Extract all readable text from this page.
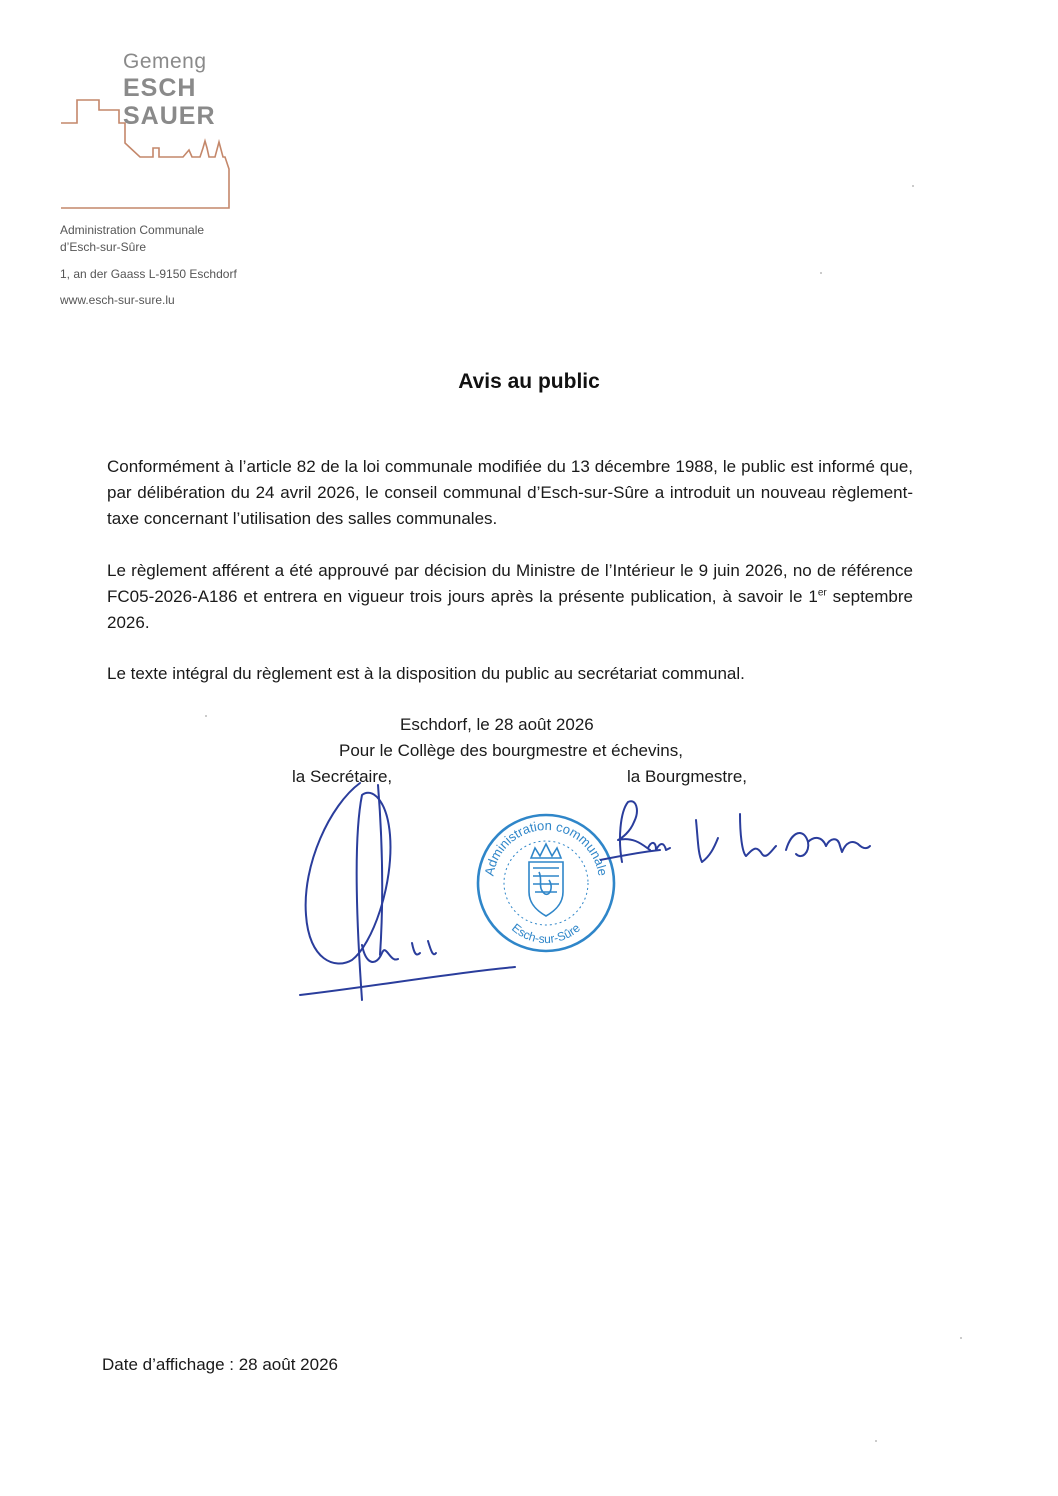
Gemeng
ESCH
SAUER
Administration Communale
d’Esch-sur-Sûre
1, an der Gaass L-9150 Eschdorf
www.esch-sur-sure.lu
Avis au public
Conformément à l’article 82 de la loi communale modifiée du 13 décembre 1988, le public est informé que, par délibération du 24 avril 2026, le conseil communal d’Esch-sur-Sûre a introduit un nouveau règlement-taxe concernant l’utilisation des salles communales.
Le règlement afférent a été approuvé par décision du Ministre de l’Intérieur le 9 juin 2026, no de référence FC05-2026-A186 et entrera en vigueur trois jours après la présente publication, à savoir le 1er septembre 2026.
Le texte intégral du règlement est à la disposition du public au secrétariat communal.
Eschdorf, le 28 août 2026
Pour le Collège des bourgmestre et échevins,
la Secrétaire,	la Bourgmestre,
Administration communale
Esch-sur-Sûre
Date d’affichage : 28 août 2026
